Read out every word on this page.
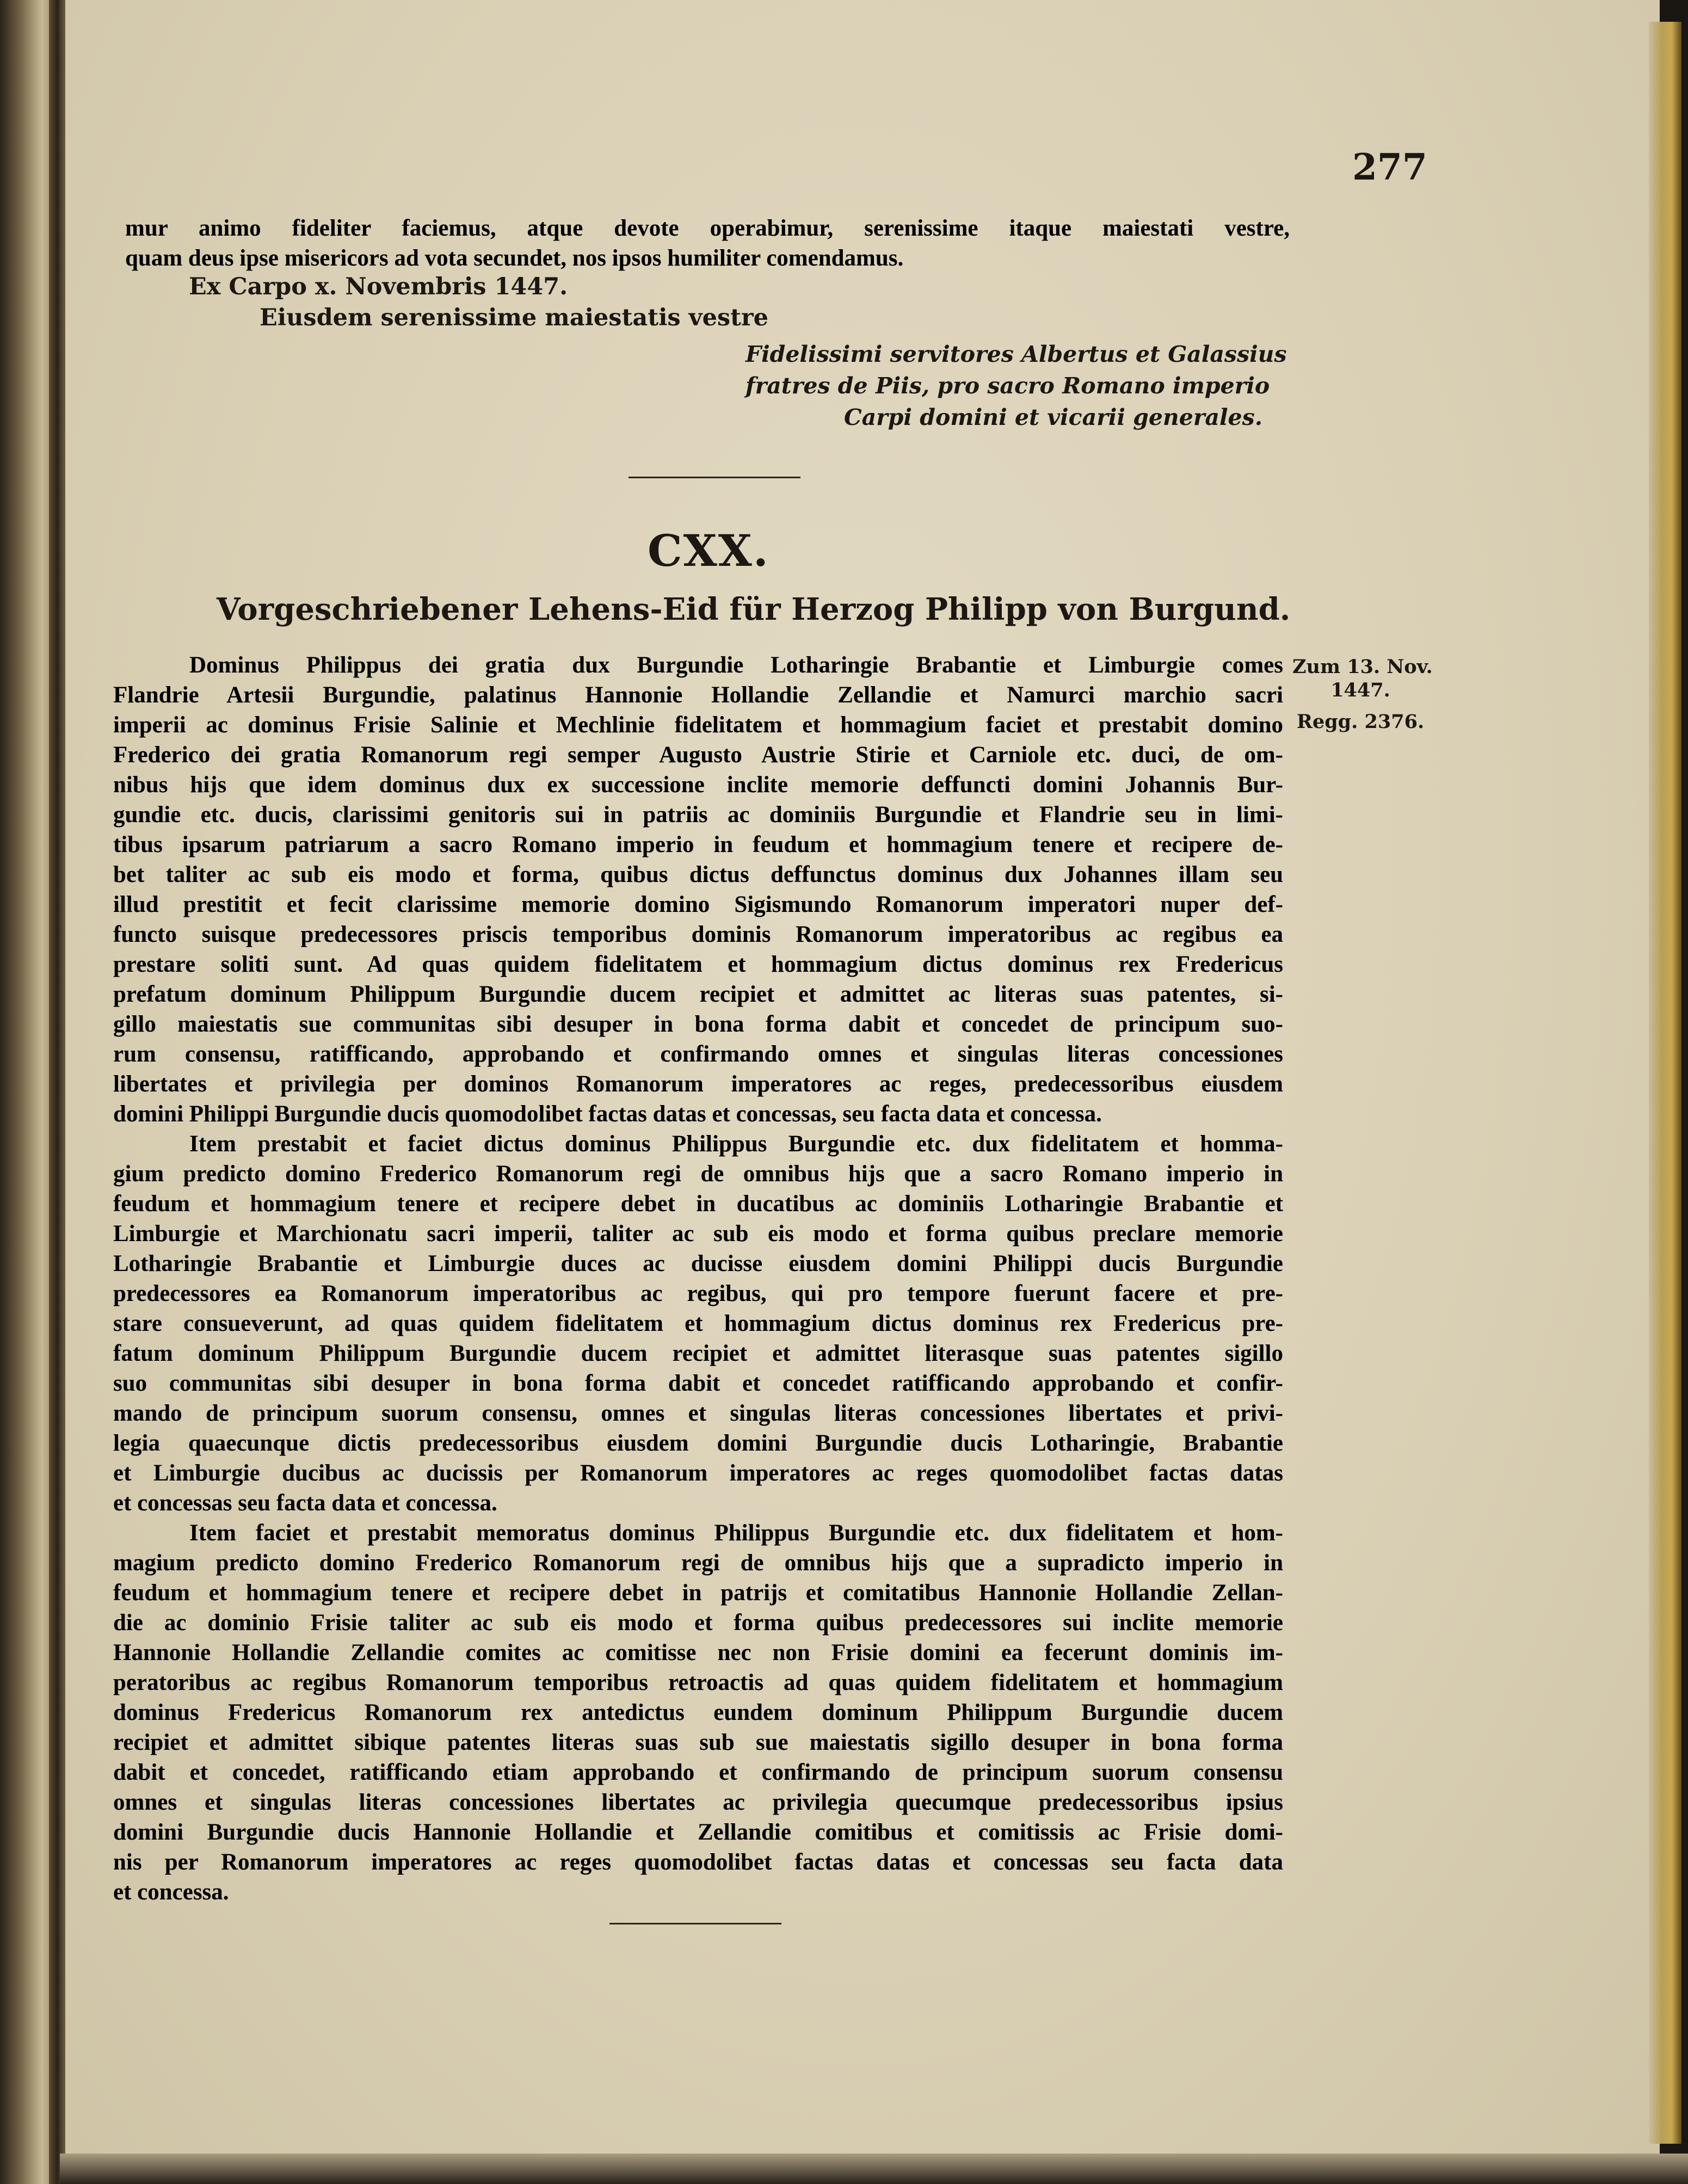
277
mur animo fideliter faciemus, atque devote operabimur, serenissime itaque maiestati vestre,
quam deus ipse misericors ad vota secundet, nos ipsos humiliter comendamus.
Ex Carpo x. Novembris 1447.
Eiusdem serenissime maiestatis vestre
Fidelissimi servitores Albertus et Galassius
fratres de Piis, pro sacro Romano imperio
Carpi domini et vicarii generales.
CXX.
Vorgeschriebener Lehens-Eid für Herzog Philipp von Burgund.
Zum 13. Nov.
1447.
Regg. 2376.
Dominus Philippus dei gratia dux Burgundie Lotharingie Brabantie et Limburgie comes
Flandrie Artesii Burgundie, palatinus Hannonie Hollandie Zellandie et Namurci marchio sacri
imperii ac dominus Frisie Salinie et Mechlinie fidelitatem et hommagium faciet et prestabit domino
Frederico dei gratia Romanorum regi semper Augusto Austrie Stirie et Carniole etc. duci, de om-
nibus hijs que idem dominus dux ex successione inclite memorie deffuncti domini Johannis Bur-
gundie etc. ducis, clarissimi genitoris sui in patriis ac dominiis Burgundie et Flandrie seu in limi-
tibus ipsarum patriarum a sacro Romano imperio in feudum et hommagium tenere et recipere de-
bet taliter ac sub eis modo et forma, quibus dictus deffunctus dominus dux Johannes illam seu
illud prestitit et fecit clarissime memorie domino Sigismundo Romanorum imperatori nuper def-
functo suisque predecessores priscis temporibus dominis Romanorum imperatoribus ac regibus ea
prestare soliti sunt. Ad quas quidem fidelitatem et hommagium dictus dominus rex Fredericus
prefatum dominum Philippum Burgundie ducem recipiet et admittet ac literas suas patentes, si-
gillo maiestatis sue communitas sibi desuper in bona forma dabit et concedet de principum suo-
rum consensu, ratifficando, approbando et confirmando omnes et singulas literas concessiones
libertates et privilegia per dominos Romanorum imperatores ac reges, predecessoribus eiusdem
domini Philippi Burgundie ducis quomodolibet factas datas et concessas, seu facta data et concessa.
Item prestabit et faciet dictus dominus Philippus Burgundie etc. dux fidelitatem et homma-
gium predicto domino Frederico Romanorum regi de omnibus hijs que a sacro Romano imperio in
feudum et hommagium tenere et recipere debet in ducatibus ac dominiis Lotharingie Brabantie et
Limburgie et Marchionatu sacri imperii, taliter ac sub eis modo et forma quibus preclare memorie
Lotharingie Brabantie et Limburgie duces ac ducisse eiusdem domini Philippi ducis Burgundie
predecessores ea Romanorum imperatoribus ac regibus, qui pro tempore fuerunt facere et pre-
stare consueverunt, ad quas quidem fidelitatem et hommagium dictus dominus rex Fredericus pre-
fatum dominum Philippum Burgundie ducem recipiet et admittet literasque suas patentes sigillo
suo communitas sibi desuper in bona forma dabit et concedet ratifficando approbando et confir-
mando de principum suorum consensu, omnes et singulas literas concessiones libertates et privi-
legia quaecunque dictis predecessoribus eiusdem domini Burgundie ducis Lotharingie, Brabantie
et Limburgie ducibus ac ducissis per Romanorum imperatores ac reges quomodolibet factas datas
et concessas seu facta data et concessa.
Item faciet et prestabit memoratus dominus Philippus Burgundie etc. dux fidelitatem et hom-
magium predicto domino Frederico Romanorum regi de omnibus hijs que a supradicto imperio in
feudum et hommagium tenere et recipere debet in patrijs et comitatibus Hannonie Hollandie Zellan-
die ac dominio Frisie taliter ac sub eis modo et forma quibus predecessores sui inclite memorie
Hannonie Hollandie Zellandie comites ac comitisse nec non Frisie domini ea fecerunt dominis im-
peratoribus ac regibus Romanorum temporibus retroactis ad quas quidem fidelitatem et hommagium
dominus Fredericus Romanorum rex antedictus eundem dominum Philippum Burgundie ducem
recipiet et admittet sibique patentes literas suas sub sue maiestatis sigillo desuper in bona forma
dabit et concedet, ratifficando etiam approbando et confirmando de principum suorum consensu
omnes et singulas literas concessiones libertates ac privilegia quecumque predecessoribus ipsius
domini Burgundie ducis Hannonie Hollandie et Zellandie comitibus et comitissis ac Frisie domi-
nis per Romanorum imperatores ac reges quomodolibet factas datas et concessas seu facta data
et concessa.
